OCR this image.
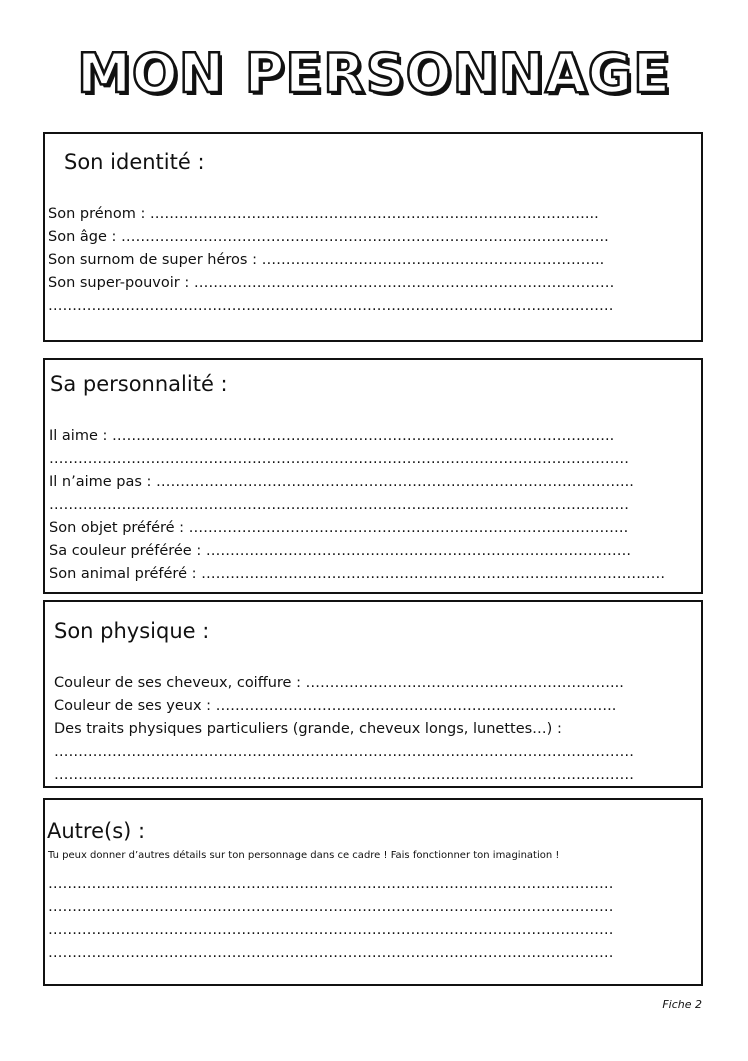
MON PERSONNAGE
Son identité :
Son prénom : ………………………………………………………………………………...
Son âge : ………………………………………………………………………………………..
Son surnom de super héros : ……………………………………………………………..
Son super-pouvoir : ……………………………………………………………………………
………………………………………………………………………………………………………
Sa personnalité :
Il aime : …………………………………………………………………………………………..
…………………………………………………………………………………………………………
Il n’aime pas : ……………………………………………………………………………………...
…………………………………………………………………………………………………………
Son objet préféré : ……………………………………………………………………………….
Sa couleur préférée : …………………………………………………………………………….
Son animal préféré : ……………………………………………………………………………………
Son physique :
Couleur de ses cheveux, coiffure : ………………………………………………………...
Couleur de ses yeux : ………………………………………………………………………..
Des traits physiques particuliers (grande, cheveux longs, lunettes…) :
…………………………………………………………………………………………………………
…………………………………………………………………………………………………………
Autre(s) :
Tu peux donner d’autres détails sur ton personnage dans ce cadre ! Fais fonctionner ton imagination !
………………………………………………………………………………………………………
………………………………………………………………………………………………………
………………………………………………………………………………………………………
………………………………………………………………………………………………………
Fiche 2
